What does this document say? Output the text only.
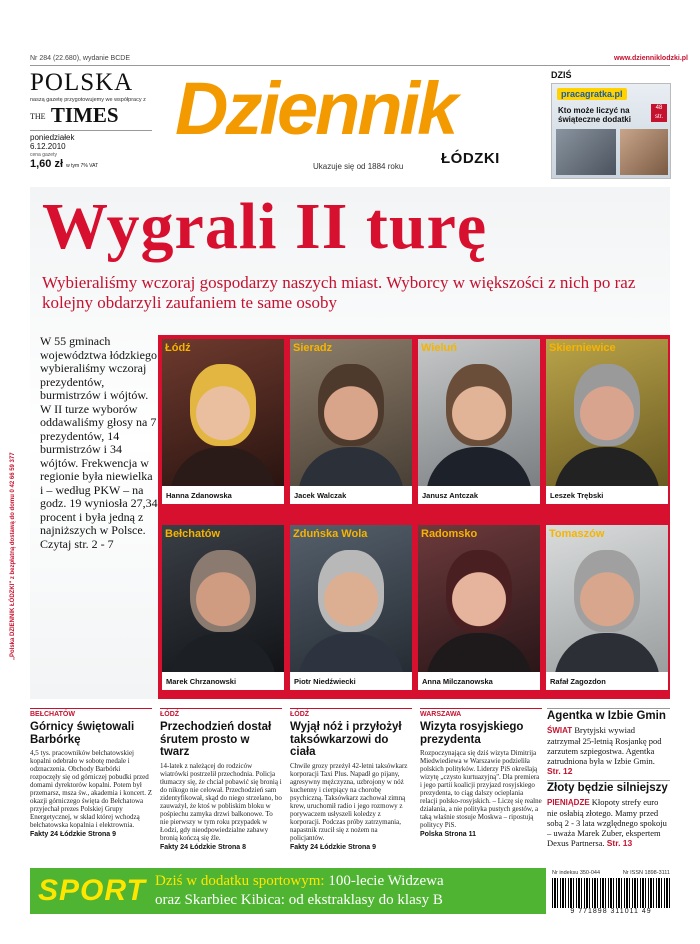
Nr 284 (22.680), wydanie BCDE	www.dzienniklodzki.pl
POLSKA
naszą gazetę przygotowujemy we współpracy z
THE TIMES
poniedziałek
6.12.2010
cena gazety
1,60 zł w tym 7% VAT
Dziennik
ŁÓDZKI
Ukazuje się od 1884 roku
DZIŚ
pracagratka.pl
Kto może liczyć na świąteczne dodatki
48 str.
Wygrali II turę
Wybieraliśmy wczoraj gospodarzy naszych miast. Wyborcy w większości z nich po raz kolejny obdarzyli zaufaniem te same osoby
W 55 gminach województwa łódzkiego wybieraliśmy wczoraj prezydentów, burmistrzów i wójtów. W II turze wyborów oddawaliśmy głosy na 7 prezydentów, 14 burmistrzów i 34 wójtów. Frekwencja w regionie była niewielka i – według PKW – na godz. 19 wyniosła 27,34 procent i była jedną z najniższych w Polsce. Czytaj str. 2 - 7
„Polska DZIENNIK ŁÓDZKI" z bezpłatną dostawą do domu 0 42 66 59 377
Łódź
Hanna Zdanowska
Sieradz
Jacek Walczak
Wieluń
Janusz Antczak
Skierniewice
Leszek Trębski
Bełchatów
Marek Chrzanowski
Zduńska Wola
Piotr Niedźwiecki
Radomsko
Anna Milczanowska
Tomaszów
Rafał Zagozdon
BEŁCHATÓW
Górnicy świętowali Barbórkę

4,5 tys. pracowników bełchatowskiej kopalni odebrało w sobotę medale i odznaczenia. Obchody Barbórki rozpoczęły się od górniczej pobudki przed domami dyrektorów kopalni. Potem był przemarsz, msza św., akademia i koncert. Z okazji górniczego święta do Bełchatowa przyjechał prezes Polskiej Grupy Energetycznej, w skład której wchodzą bełchatowska kopalnia i elektrownia.

Fakty 24 Łódzkie Strona 9
ŁÓDŹ
Przechodzień dostał śrutem prosto w twarz

14-latek z należącej do rodziców wiatrówki postrzelił przechodnia. Policja tłumaczy się, że chciał pobawić się bronią i do nikogo nie celował. Przechodzień sam zidentyfikował, skąd do niego strzelano, bo zauważył, że ktoś w pobliskim bloku w pośpiechu zamyka drzwi balkonowe. To nie pierwszy w tym roku przypadek w Łodzi, gdy nieodpowiedzialne zabawy bronią kończą się źle.

Fakty 24 Łódzkie Strona 8
ŁÓDŹ
Wyjął nóż i przyłożył taksówkarzowi do ciała

Chwile grozy przeżył 42-letni taksówkarz korporacji Taxi Plus. Napadł go pijany, agresywny mężczyzna, uzbrojony w nóż kuchenny i cierpiący na chorobę psychiczną. Taksówkarz zachował zimną krew, uruchomił radio i jego rozmowy z porywaczem usłyszeli koledzy z korporacji. Podczas próby zatrzymania, napastnik rzucił się z nożem na policjantów.

Fakty 24 Łódzkie Strona 9
WARSZAWA
Wizyta rosyjskiego prezydenta

Rozpoczynająca się dziś wizyta Dimitrija Miedwiediewa w Warszawie podzieliła polskich polityków. Liderzy PiS określają wizytę „czysto kurtuazyjną". Dla premiera i jego partii koalicji przyjazd rosyjskiego prezydenta, to ciąg dalszy ocieplania relacji polsko-rosyjskich. – Liczę się realne działania, a nie polityka pustych gestów, a taką właśnie stosuje Moskwa – ripostują politycy PiS.

Polska Strona 11
Agentka w Izbie Gmin

ŚWIAT Brytyjski wywiad zatrzymał 25-letnią Rosjankę pod zarzutem szpiegostwa. Agentka zatrudniona była w Izbie Gmin. Str. 12

Złoty będzie silniejszy

PIENIĄDZE Kłopoty strefy euro nie osłabią złotego. Mamy przed sobą 2 - 3 lata względnego spokoju – uważa Marek Zuber, ekspertem Dexus Partnersa. Str. 13

SPORT Dziś w dodatku sportowym: 100-lecie Widzewa
oraz Skarbiec Kibica: od ekstraklasy do klasy B
Nr indeksu 350-044	Nr ISSN 1898-3111
9 771898 311011 49
